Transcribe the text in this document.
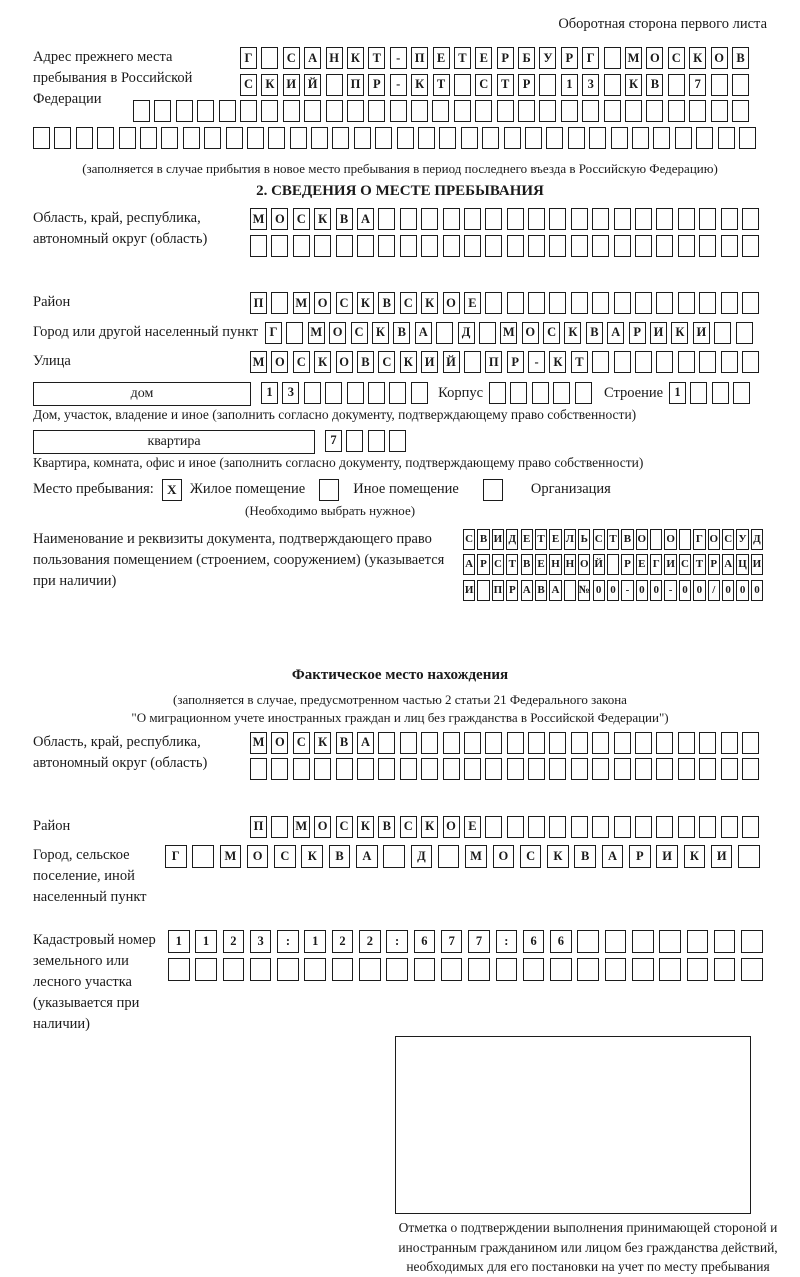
Оборотная сторона первого листа
Адрес прежнего места пребывания в Российской Федерации
Г	С А Н К	Т	-	П Е	Т	Е	Р	Б	У	Р	Г	М О С К О В
С К И Й	П	Р	-	К	Т	С	Т	Р	1	3	К	В	7
(заполняется в случае прибытия в новое место пребывания в период последнего въезда в Российскую Федерацию)
2. СВЕДЕНИЯ О МЕСТЕ ПРЕБЫВАНИЯ
Область, край, республика, автономный округ (область)
М О С К	В	А
Район	П	М О С К	В	С К О Е
Город или другой населенный пункт Г	М О С К	В	А	Д	М О С К	В	А	Р	И К И
Улица	М О С К О В	С К И Й	П	Р	-	К	Т
дом	1	3	Корпус	Строение 1
Дом, участок, владение и иное (заполнить согласно документу, подтверждающему право собственности)
квартира	7
Квартира, комната, офис и иное (заполнить согласно документу, подтверждающему право собственности)
Место пребывания:	X Жилое помещение	Иное помещение	Организация
(Необходимо выбрать нужное)
Наименование и реквизиты документа, подтверждающего право пользования помещением (строением, сооружением) (указывается при наличии)
С В И Д Е Т Е Л Ь С Т В О О Г О С У Д
А Р С Т В Е Н Н О Й Р Е Г И С Т Р А Ц И
И П Р А В А № 0 0 - 0 0 - 0 0 / 0 0 0
Фактическое место нахождения
(заполняется в случае, предусмотренном частью 2 статьи 21 Федерального закона
"О миграционном учете иностранных граждан и лиц без гражданства в Российской Федерации")
Область, край, республика, автономный округ (область)
М О С К	В	А
Район	П	М О С К	В	С К О Е
Город, сельское поселение, иной населенный пункт
Г	М	О	С	К	В	А	Д	М	О	С	К	В	А	Р	И	К	И
Кадастровый номер земельного или лесного участка (указывается при наличии)
1	1	2	3	:	1	2	2	:	6	7	7	:	6	6
Отметка о подтверждении выполнения принимающей стороной и иностранным гражданином или лицом без гражданства действий, необходимых для его постановки на учет по месту пребывания
